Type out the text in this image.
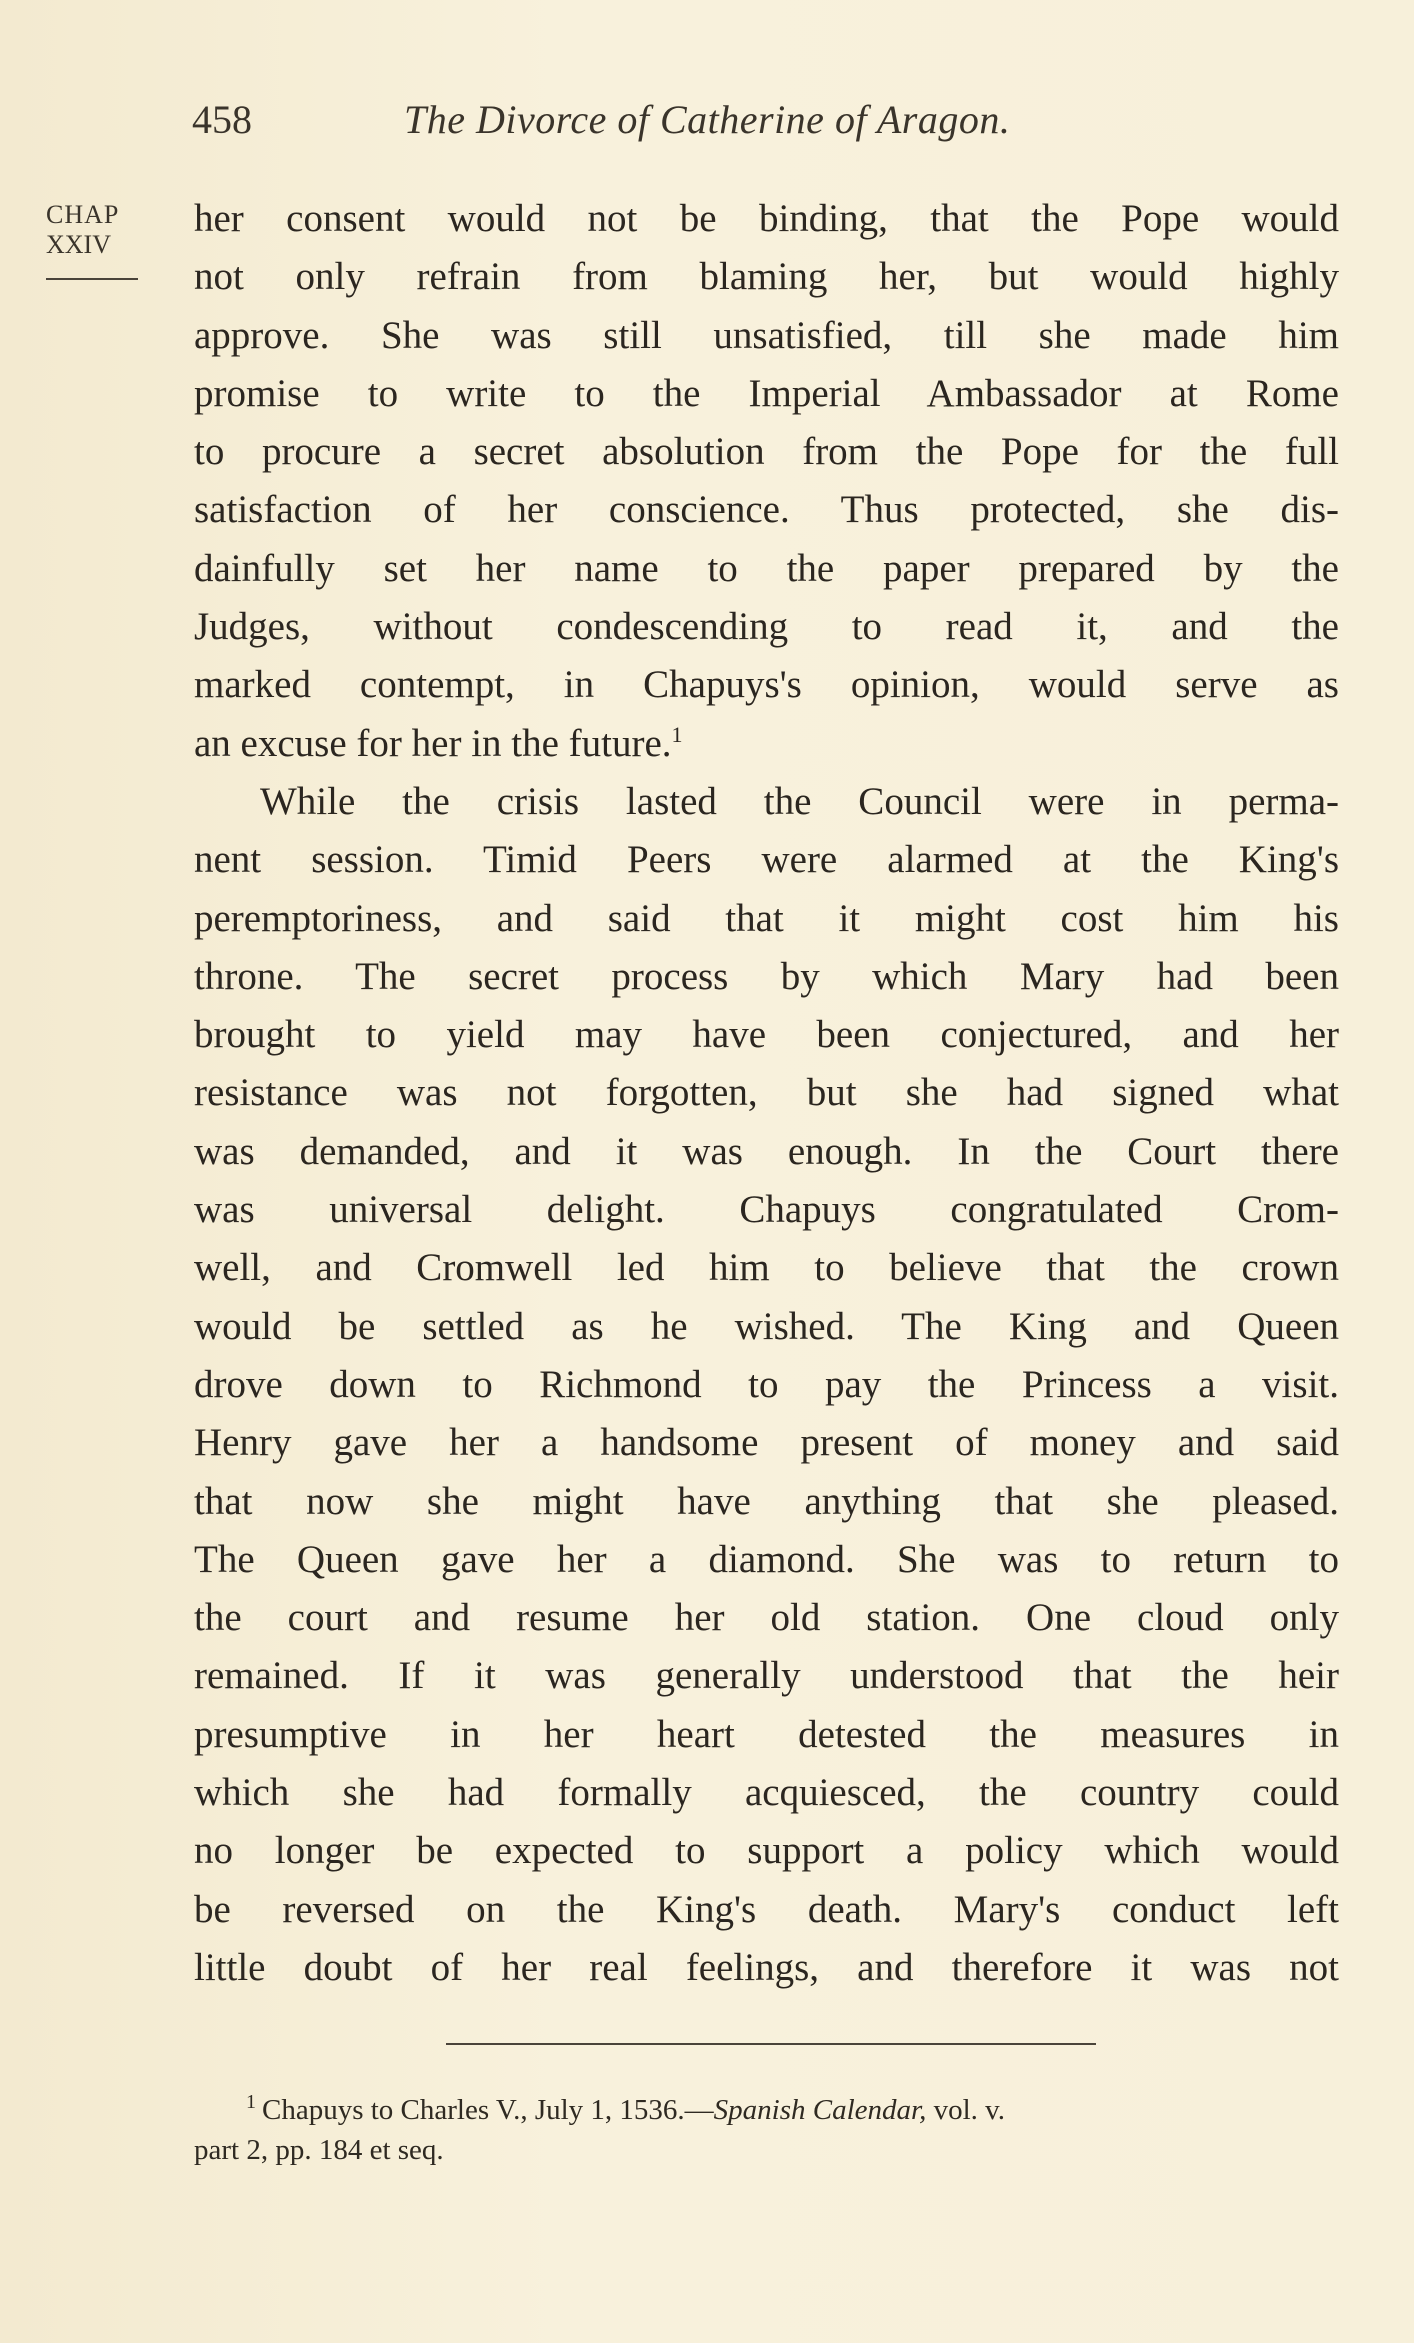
458	The Divorce of Catherine of Aragon.
CHAP
XXIV
her consent would not be binding, that the Pope would
not only refrain from blaming her, but would highly
approve. She was still unsatisfied, till she made him
promise to write to the Imperial Ambassador at Rome
to procure a secret absolution from the Pope for the full
satisfaction of her conscience. Thus protected, she dis-
dainfully set her name to the paper prepared by the
Judges, without condescending to read it, and the
marked contempt, in Chapuys's opinion, would serve as
an excuse for her in the future.$^1$
While the crisis lasted the Council were in perma-
nent session. Timid Peers were alarmed at the King's
peremptoriness, and said that it might cost him his
throne. The secret process by which Mary had been
brought to yield may have been conjectured, and her
resistance was not forgotten, but she had signed what
was demanded, and it was enough. In the Court there
was universal delight. Chapuys congratulated Crom-
well, and Cromwell led him to believe that the crown
would be settled as he wished. The King and Queen
drove down to Richmond to pay the Princess a visit.
Henry gave her a handsome present of money and said
that now she might have anything that she pleased.
The Queen gave her a diamond. She was to return to
the court and resume her old station. One cloud only
remained. If it was generally understood that the heir
presumptive in her heart detested the measures in
which she had formally acquiesced, the country could
no longer be expected to support a policy which would
be reversed on the King's death. Mary's conduct left
little doubt of her real feelings, and therefore it was not
$^1$ Chapuys to Charles V., July 1, 1536.—Spanish Calendar, vol. v.
part 2, pp. 184 et seq.
